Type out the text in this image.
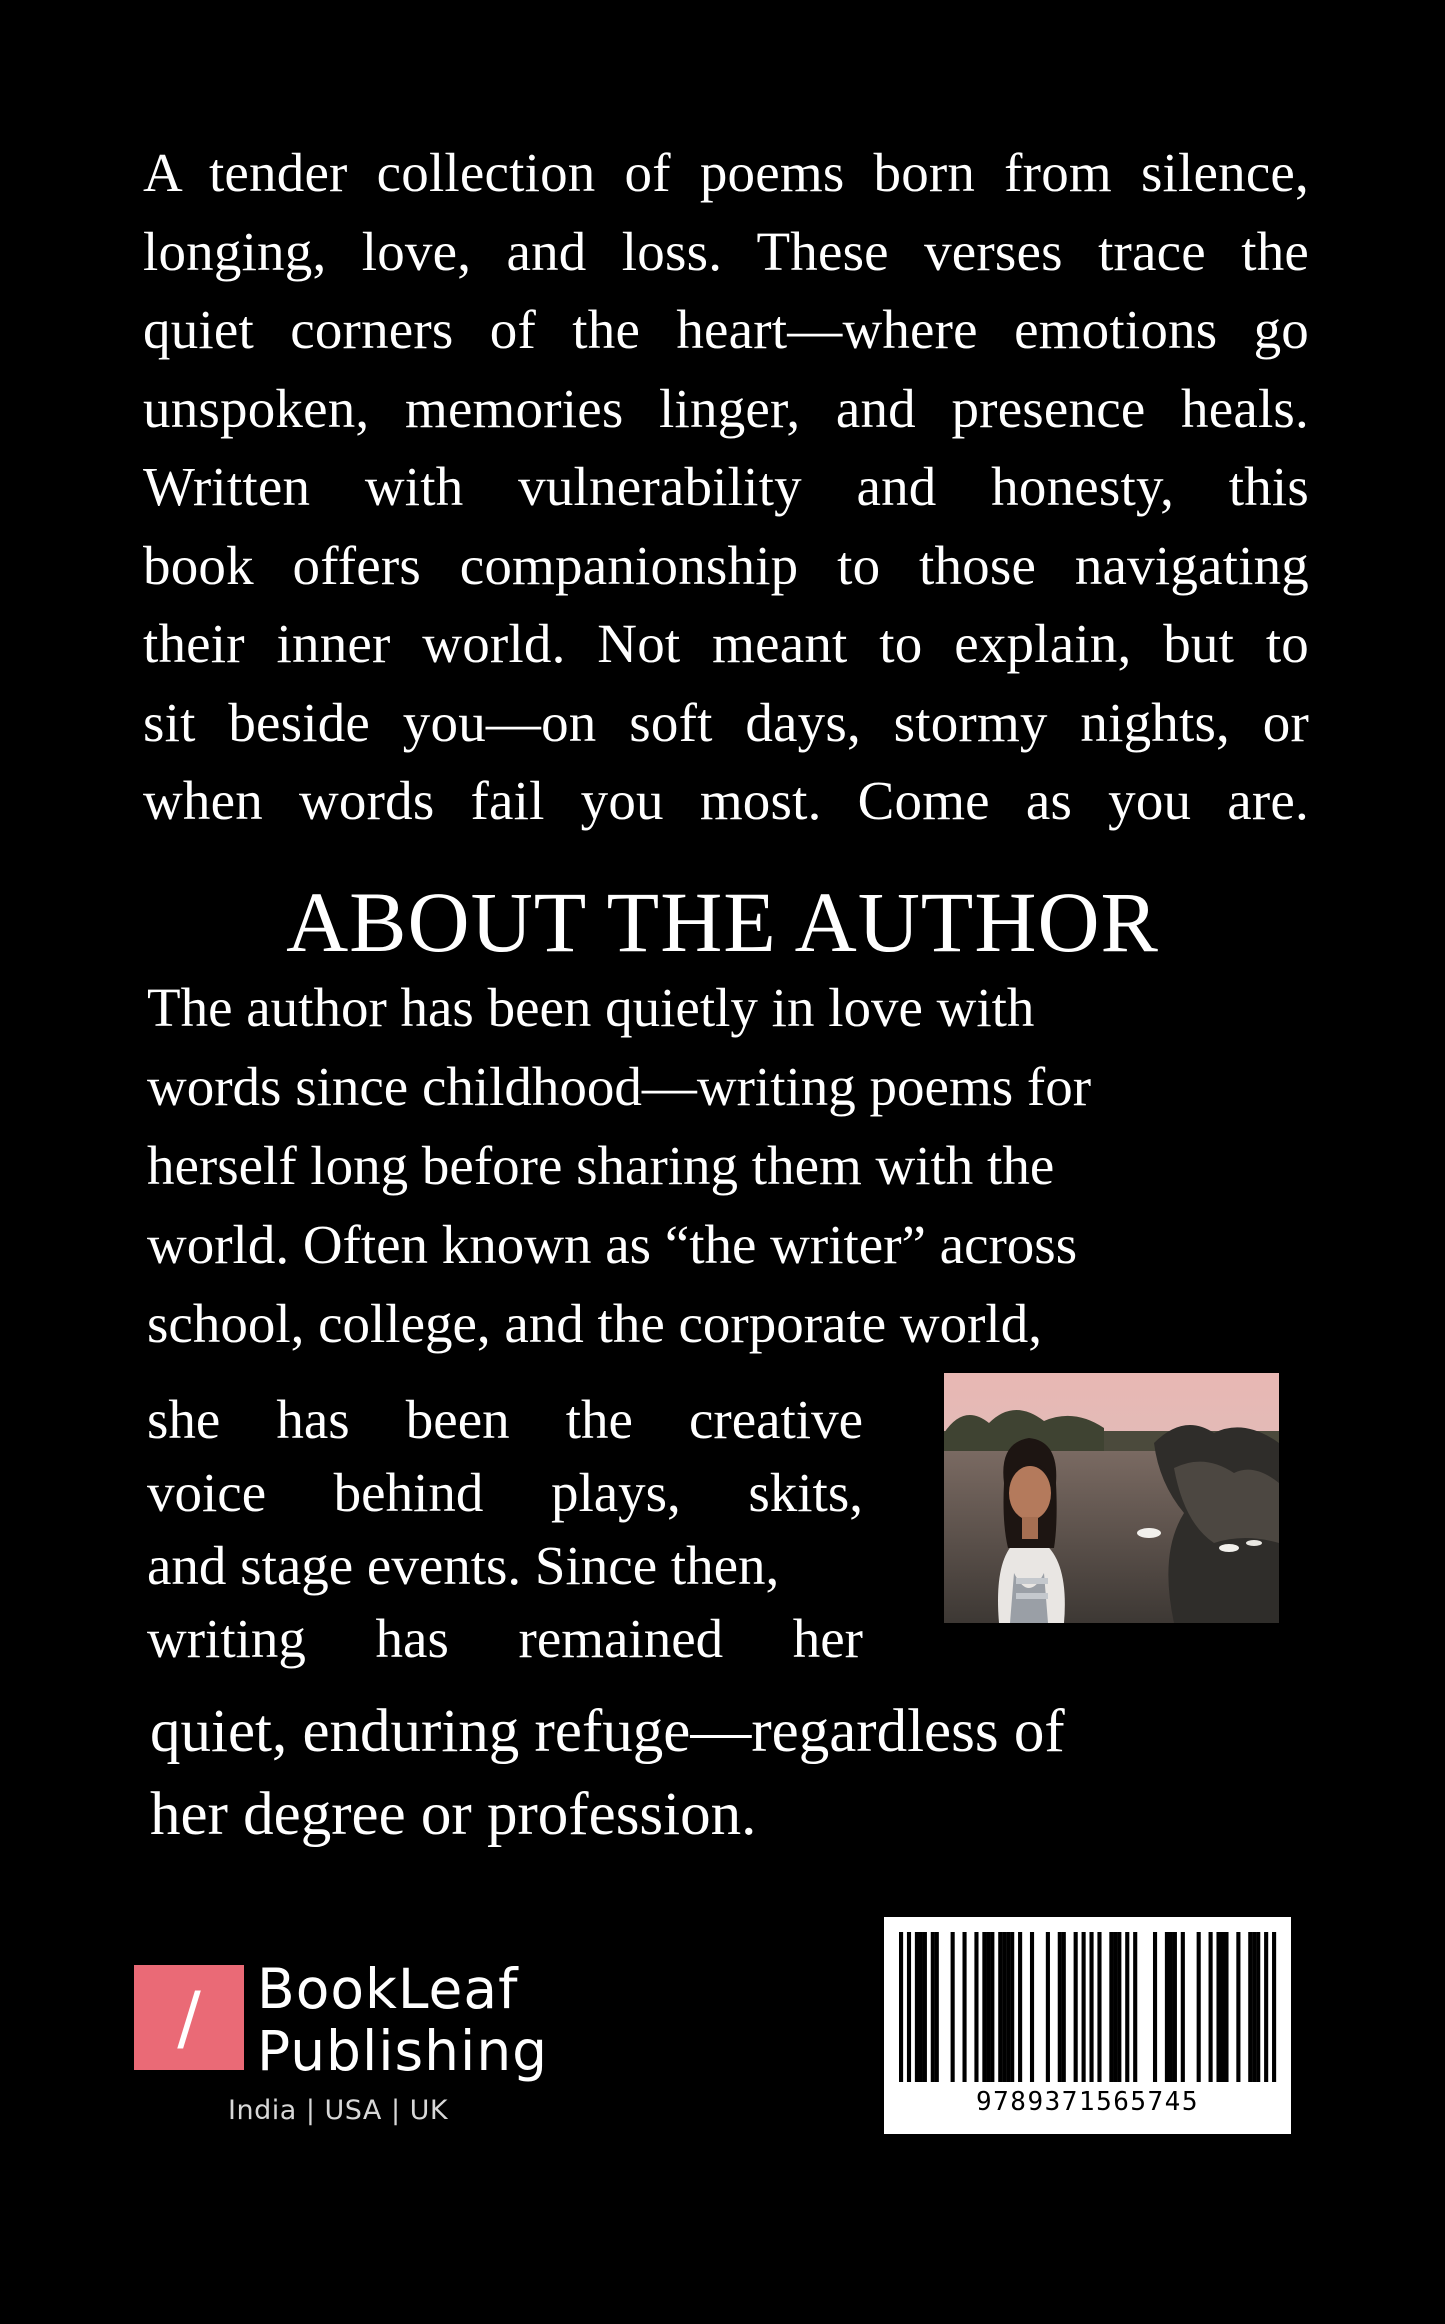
A tender collection of poems born from silence,
longing, love, and loss. These verses trace the
quiet corners of the heart—where emotions go
unspoken, memories linger, and presence heals.
Written with vulnerability and honesty, this
book offers companionship to those navigating
their inner world. Not meant to explain, but to
sit beside you—on soft days, stormy nights, or
when words fail you most. Come as you are.
ABOUT THE AUTHOR
The author has been quietly in love with
words since childhood—writing poems for
herself long before sharing them with the
world. Often known as “the writer” across
school, college, and the corporate world,
she has been the creative
voice behind plays, skits,
and stage events. Since then,
writing has remained her
quiet, enduring refuge—regardless of
her degree or profession.
/ BookLeaf
Publishing
India | USA | UK	9789371565745
